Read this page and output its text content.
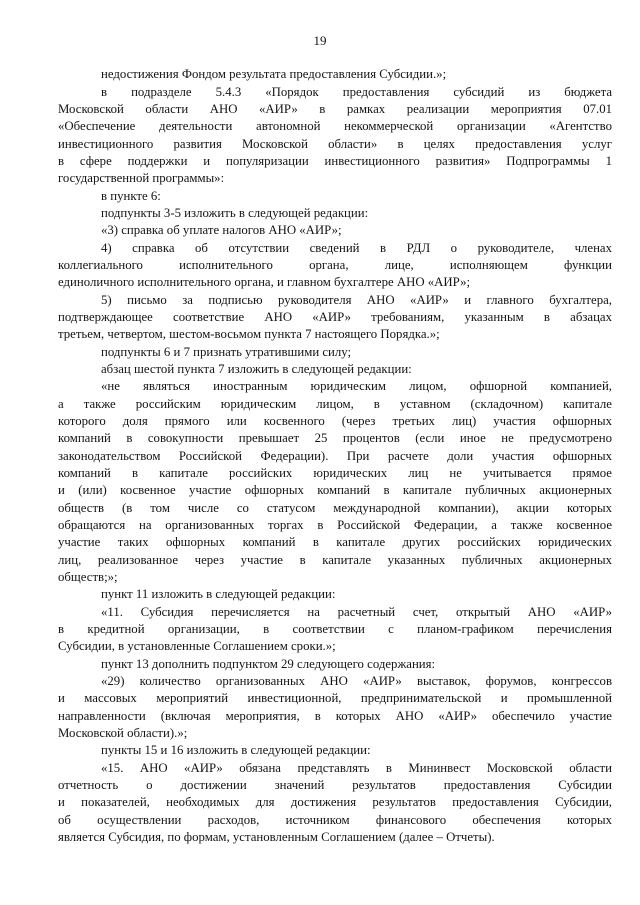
19
недостижения Фондом результата предоставления Субсидии.»;
в подразделе 5.4.3 «Порядок предоставления субсидий из бюджета
Московской области АНО «АИР» в рамках реализации мероприятия 07.01
«Обеспечение деятельности автономной некоммерческой организации «Агентство
инвестиционного развития Московской области» в целях предоставления услуг
в сфере поддержки и популяризации инвестиционного развития» Подпрограммы 1
государственной программы»:
в пункте 6:
подпункты 3-5 изложить в следующей редакции:
«3) справка об уплате налогов АНО «АИР»;
4) справка об отсутствии сведений в РДЛ о руководителе, членах
коллегиального исполнительного органа, лице, исполняющем функции
единоличного исполнительного органа, и главном бухгалтере АНО «АИР»;
5) письмо за подписью руководителя АНО «АИР» и главного бухгалтера,
подтверждающее соответствие АНО «АИР» требованиям, указанным в абзацах
третьем, четвертом, шестом-восьмом пункта 7 настоящего Порядка.»;
подпункты 6 и 7 признать утратившими силу;
абзац шестой пункта 7 изложить в следующей редакции:
«не являться иностранным юридическим лицом, офшорной компанией,
а также российским юридическим лицом, в уставном (складочном) капитале
которого доля прямого или косвенного (через третьих лиц) участия офшорных
компаний в совокупности превышает 25 процентов (если иное не предусмотрено
законодательством Российской Федерации). При расчете доли участия офшорных
компаний в капитале российских юридических лиц не учитывается прямое
и (или) косвенное участие офшорных компаний в капитале публичных акционерных
обществ (в том числе со статусом международной компании), акции которых
обращаются на организованных торгах в Российской Федерации, а также косвенное
участие таких офшорных компаний в капитале других российских юридических
лиц, реализованное через участие в капитале указанных публичных акционерных
обществ;»;
пункт 11 изложить в следующей редакции:
«11. Субсидия перечисляется на расчетный счет, открытый АНО «АИР»
в кредитной организации, в соответствии с планом-графиком перечисления
Субсидии, в установленные Соглашением сроки.»;
пункт 13 дополнить подпунктом 29 следующего содержания:
«29) количество организованных АНО «АИР» выставок, форумов, конгрессов
и массовых мероприятий инвестиционной, предпринимательской и промышленной
направленности (включая мероприятия, в которых АНО «АИР» обеспечило участие
Московской области).»;
пункты 15 и 16 изложить в следующей редакции:
«15. АНО «АИР» обязана представлять в Мининвест Московской области
отчетность о достижении значений результатов предоставления Субсидии
и показателей, необходимых для достижения результатов предоставления Субсидии,
об осуществлении расходов, источником финансового обеспечения которых
является Субсидия, по формам, установленным Соглашением (далее – Отчеты).
